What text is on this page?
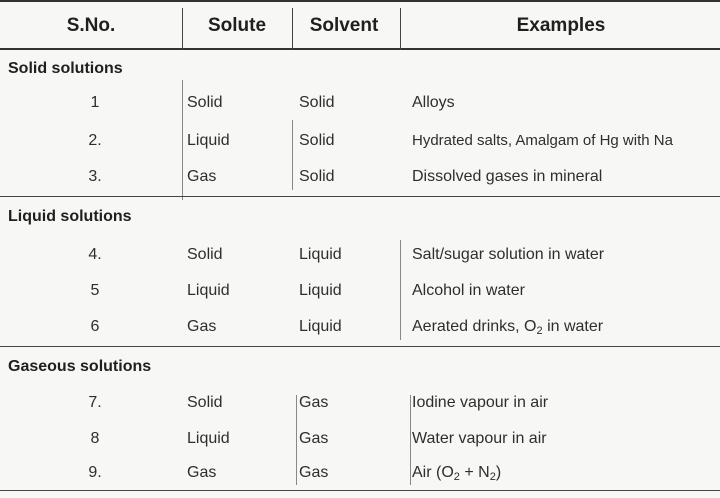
S.No.	Solute	Solvent	Examples
Solid solutions
1	Solid	Solid	Alloys
2.	Liquid	Solid	Hydrated salts, Amalgam of Hg with Na
3.	Gas	Solid	Dissolved gases in mineral
Liquid solutions
4.	Solid	Liquid	Salt/sugar solution in water
5	Liquid	Liquid	Alcohol in water
6	Gas	Liquid	Aerated drinks, $O_2$ in water
Gaseous solutions
7.	Solid	Gas	Iodine vapour in air
8	Liquid	Gas	Water vapour in air
9.	Gas	Gas	Air $(O_2 + N_2)$
